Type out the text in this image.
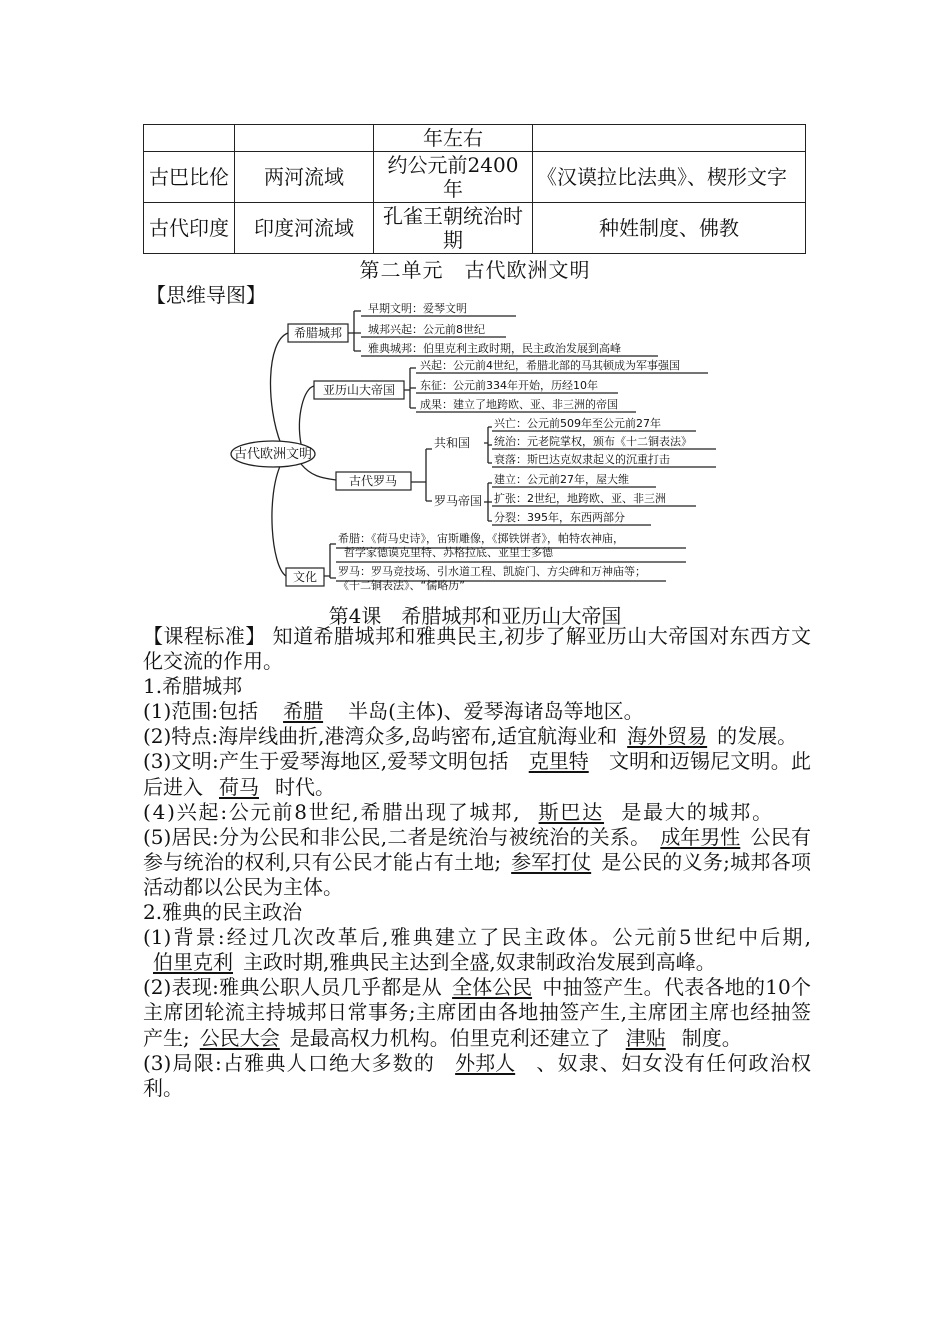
		年左右	
古巴比伦	两河流域	约公元前2400年	《汉谟拉比法典》、楔形文字
古代印度	印度河流域	孔雀王朝统治时期	种姓制度、佛教
第二单元　古代欧洲文明
【思维导图】
古代欧洲文明
希腊城邦
早期文明：爱琴文明
城邦兴起：公元前8世纪
雅典城邦：伯里克利主政时期，民主政治发展到高峰
亚历山大帝国
兴起：公元前4世纪，希腊北部的马其顿成为军事强国
东征：公元前334年开始，历经10年
成果：建立了地跨欧、亚、非三洲的帝国
古代罗马
共和国
罗马帝国
兴亡：公元前509年至公元前27年
统治：元老院掌权，颁布《十二铜表法》
衰落：斯巴达克奴隶起义的沉重打击
建立：公元前27年，屋大维
扩张：2世纪，地跨欧、亚、非三洲
分裂：395年，东西两部分
文化
希腊：《荷马史诗》，宙斯雕像，《掷铁饼者》，帕特农神庙，
哲学家德谟克里特、苏格拉底、亚里士多德
罗马：罗马竞技场、引水道工程、凯旋门、方尖碑和万神庙等；
《十二铜表法》、“儒略历”
第4课　希腊城邦和亚历山大帝国

【课程标准】 知道希腊城邦和雅典民主,初步了解亚历山大帝国对东西方文化交流的作用。

1.希腊城邦

(1)范围:包括 希腊 半岛(主体)、爱琴海诸岛等地区。

(2)特点:海岸线曲折,港湾众多,岛屿密布,适宜航海业和 海外贸易 的发展。

(3)文明:产生于爱琴海地区,爱琴文明包括 克里特 文明和迈锡尼文明。此后进入 荷马 时代。

(4)兴起:公元前8世纪,希腊出现了城邦, 斯巴达 是最大的城邦。

(5)居民:分为公民和非公民,二者是统治与被统治的关系。 成年男性 公民有参与统治的权利,只有公民才能占有土地; 参军打仗 是公民的义务;城邦各项活动都以公民为主体。

2.雅典的民主政治

(1)背景:经过几次改革后,雅典建立了民主政体。公元前5世纪中后期,伯里克利 主政时期,雅典民主达到全盛,奴隶制政治发展到高峰。

(2)表现:雅典公职人员几乎都是从 全体公民 中抽签产生。代表各地的10个主席团轮流主持城邦日常事务;主席团由各地抽签产生,主席团主席也经抽签产生; 公民大会 是最高权力机构。伯里克利还建立了 津贴 制度。

(3)局限:占雅典人口绝大多数的 外邦人 、奴隶、妇女没有任何政治权利。
